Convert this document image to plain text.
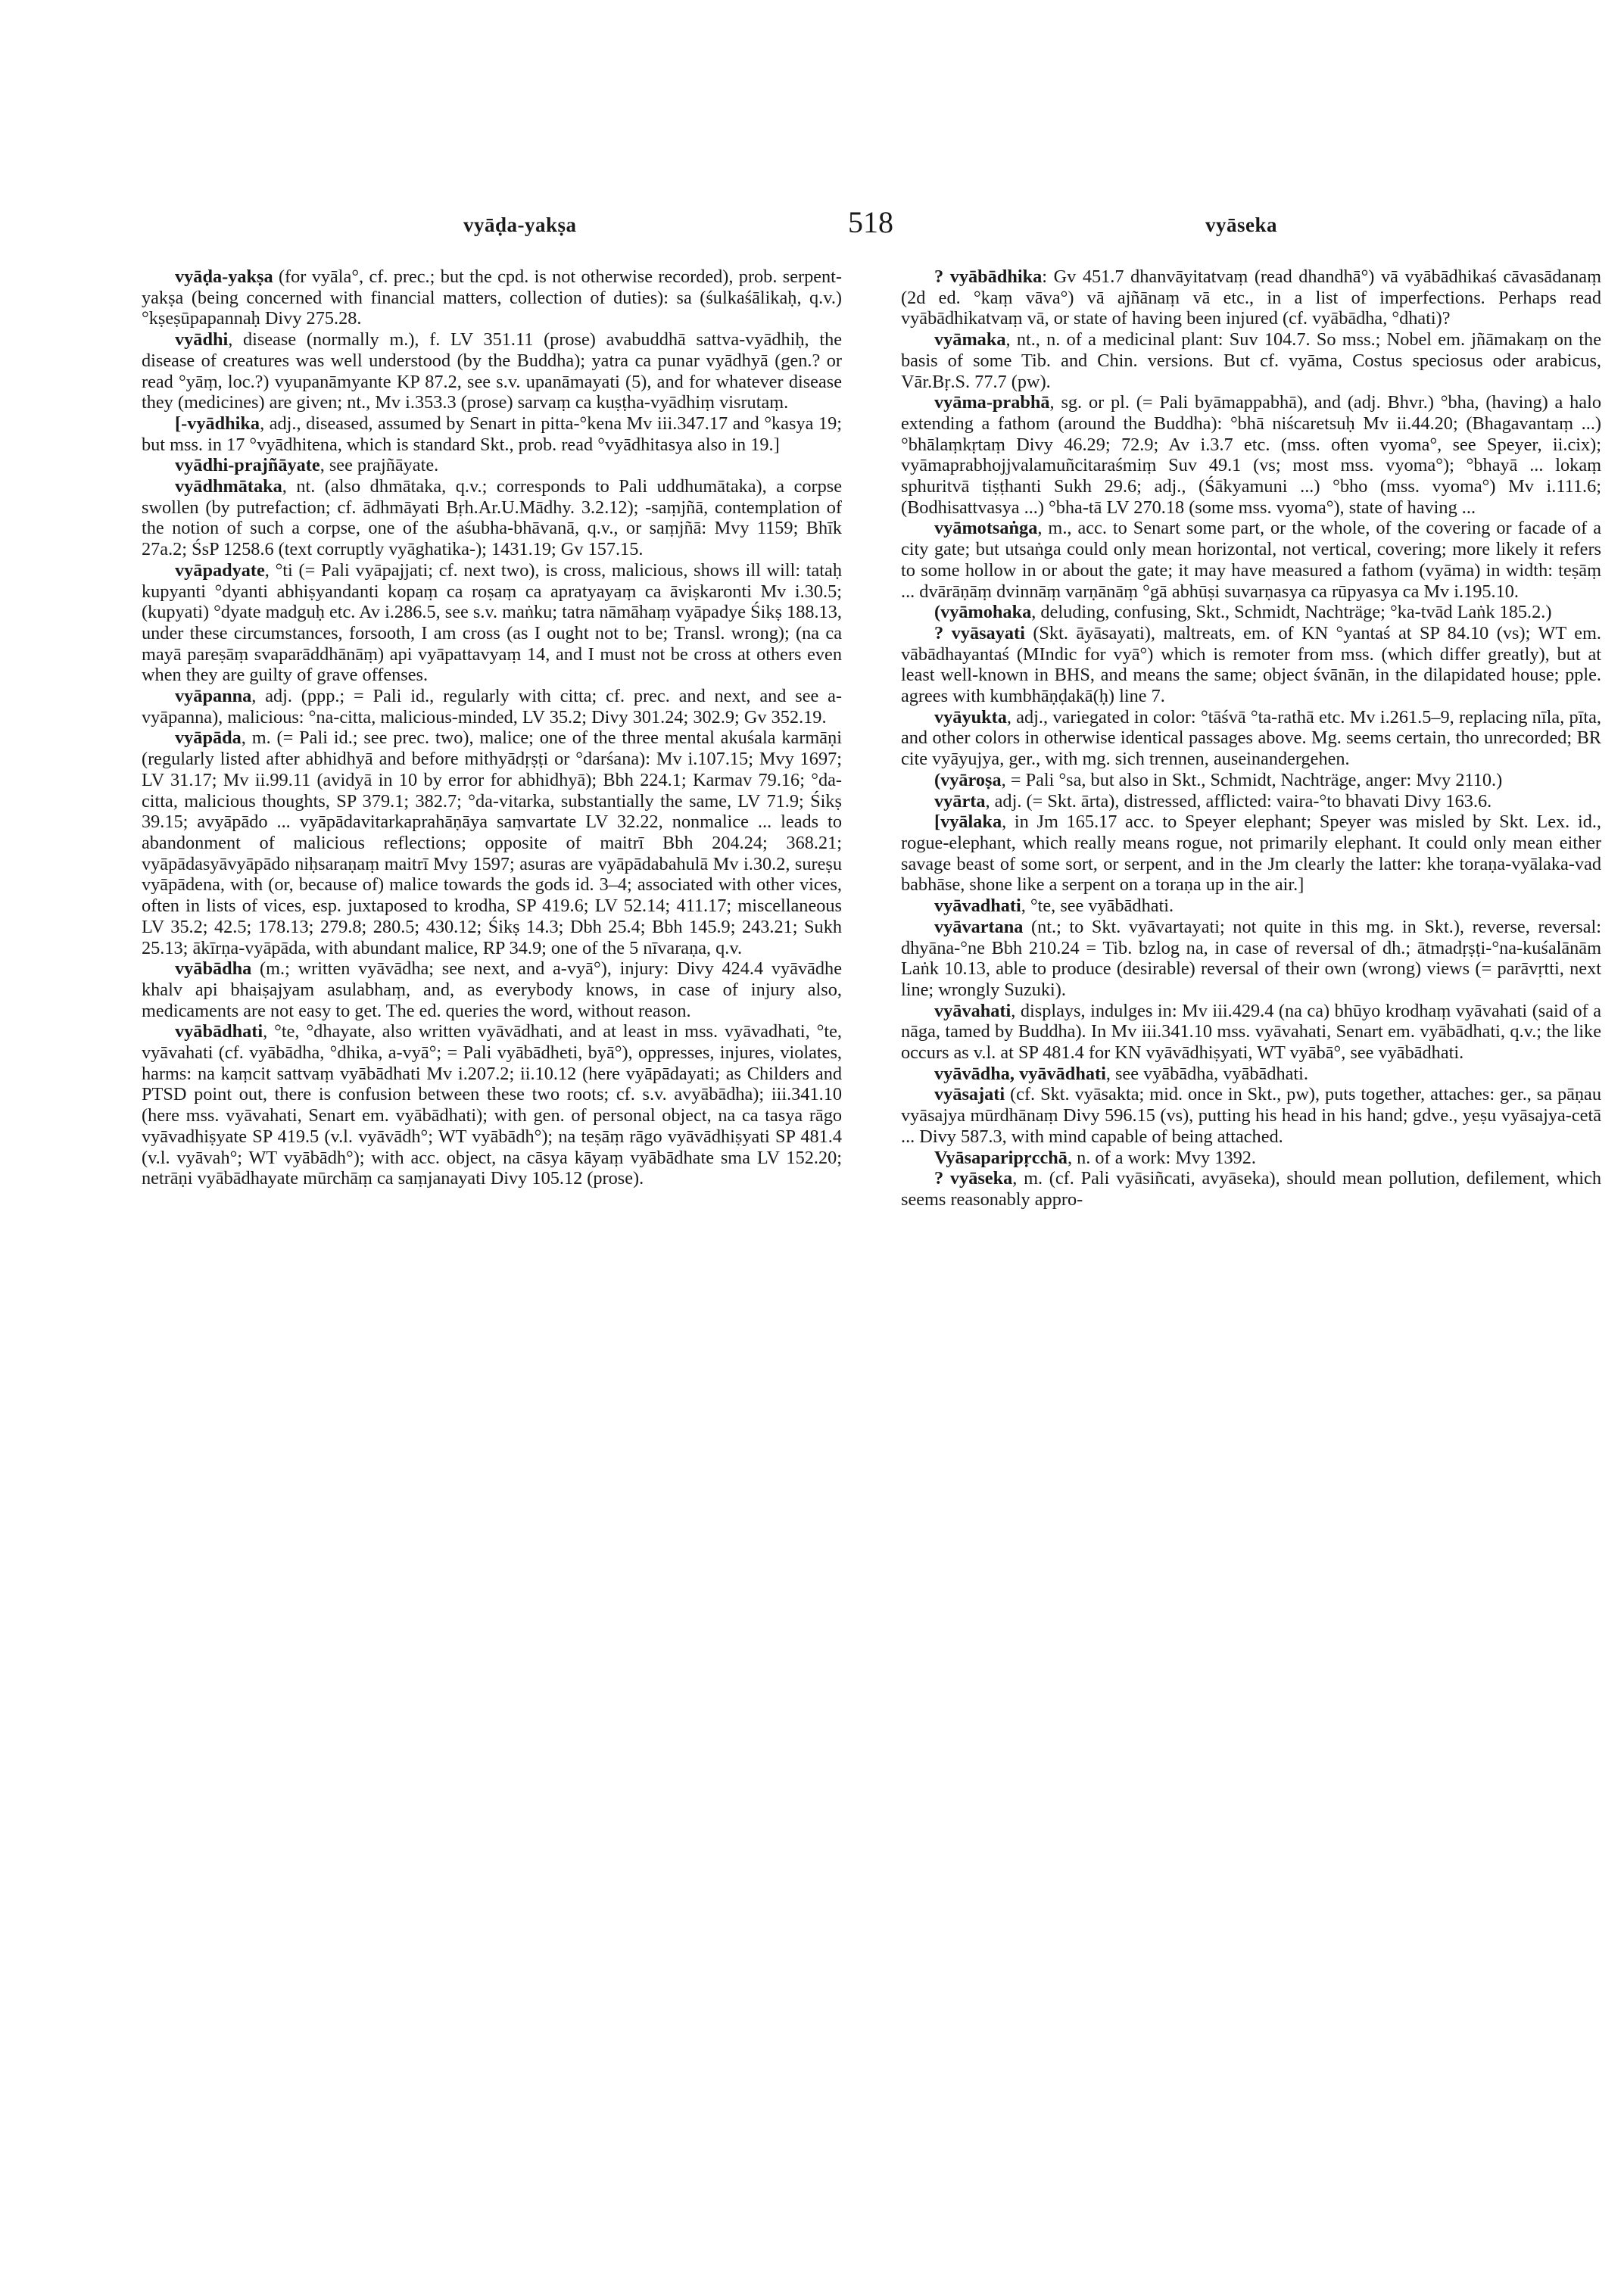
vyāḍa-yakṣa	518	vyāseka

vyāḍa-yakṣa (for vyāla°, cf. prec.; but the cpd. is not otherwise recorded), prob. serpent-yakṣa (being concerned with financial matters, collection of duties): sa (śulkaśālikaḥ, q.v.) °kṣeṣūpapannaḥ Divy 275.28.

vyādhi, disease (normally m.), f. LV 351.11 (prose) avabuddhā sattva-vyādhiḥ, the disease of creatures was well understood (by the Buddha); yatra ca punar vyādhyā (gen.? or read °yāṃ, loc.?) vyupanāmyante KP 87.2, see s.v. upanāmayati (5), and for whatever disease they (medicines) are given; nt., Mv i.353.3 (prose) sarvaṃ ca kuṣṭha-vyādhiṃ visrutaṃ.

[-vyādhika, adj., diseased, assumed by Senart in pitta-°kena Mv iii.347.17 and °kasya 19; but mss. in 17 °vyādhitena, which is standard Skt., prob. read °vyādhitasya also in 19.]

vyādhi-prajñāyate, see prajñāyate.

vyādhmātaka, nt. (also dhmātaka, q.v.; corresponds to Pali uddhumātaka), a corpse swollen (by putrefaction; cf. ādhmāyati Bṛh.Ar.U.Mādhy. 3.2.12); -saṃjñā, contemplation of the notion of such a corpse, one of the aśubha-bhāvanā, q.v., or saṃjñā: Mvy 1159; Bhīk 27a.2; ŚsP 1258.6 (text corruptly vyāghatika-); 1431.19; Gv 157.15.

vyāpadyate, °ti (= Pali vyāpajjati; cf. next two), is cross, malicious, shows ill will: tataḥ kupyanti °dyanti abhiṣyandanti kopaṃ ca roṣaṃ ca apratyayaṃ ca āviṣkaronti Mv i.30.5; (kupyati) °dyate madguḥ etc. Av i.286.5, see s.v. maṅku; tatra nāmāhaṃ vyāpadye Śikṣ 188.13, under these circumstances, forsooth, I am cross (as I ought not to be; Transl. wrong); (na ca mayā pareṣāṃ svaparāddhānāṃ) api vyāpattavyaṃ 14, and I must not be cross at others even when they are guilty of grave offenses.

vyāpanna, adj. (ppp.; = Pali id., regularly with citta; cf. prec. and next, and see a-vyāpanna), malicious: °na-citta, malicious-minded, LV 35.2; Divy 301.24; 302.9; Gv 352.19.

vyāpāda, m. (= Pali id.; see prec. two), malice; one of the three mental akuśala karmāṇi (regularly listed after abhidhyā and before mithyādṛṣṭi or °darśana): Mv i.107.15; Mvy 1697; LV 31.17; Mv ii.99.11 (avidyā in 10 by error for abhidhyā); Bbh 224.1; Karmav 79.16; °da-citta, malicious thoughts, SP 379.1; 382.7; °da-vitarka, substantially the same, LV 71.9; Śikṣ 39.15; avyāpādo ... vyāpādavitarkaprahāṇāya saṃvartate LV 32.22, nonmalice ... leads to abandonment of malicious reflections; opposite of maitrī Bbh 204.24; 368.21; vyāpādasyāvyāpādo niḥsaraṇaṃ maitrī Mvy 1597; asuras are vyāpādabahulā Mv i.30.2, sureṣu vyāpādena, with (or, because of) malice towards the gods id. 3–4; associated with other vices, often in lists of vices, esp. juxtaposed to krodha, SP 419.6; LV 52.14; 411.17; miscellaneous LV 35.2; 42.5; 178.13; 279.8; 280.5; 430.12; Śikṣ 14.3; Dbh 25.4; Bbh 145.9; 243.21; Sukh 25.13; ākīrṇa-vyāpāda, with abundant malice, RP 34.9; one of the 5 nīvaraṇa, q.v.

vyābādha (m.; written vyāvādha; see next, and a-vyā°), injury: Divy 424.4 vyāvādhe khalv api bhaiṣajyam asulabhaṃ, and, as everybody knows, in case of injury also, medicaments are not easy to get. The ed. queries the word, without reason.

vyābādhati, °te, °dhayate, also written vyāvādhati, and at least in mss. vyāvadhati, °te, vyāvahati (cf. vyābādha, °dhika, a-vyā°; = Pali vyābādheti, byā°), oppresses, injures, violates, harms: na kaṃcit sattvaṃ vyābādhati Mv i.207.2; ii.10.12 (here vyāpādayati; as Childers and PTSD point out, there is confusion between these two roots; cf. s.v. avyābādha); iii.341.10 (here mss. vyāvahati, Senart em. vyābādhati); with gen. of personal object, na ca tasya rāgo vyāvadhiṣyate SP 419.5 (v.l. vyāvādh°; WT vyābādh°); na teṣāṃ rāgo vyāvādhiṣyati SP 481.4 (v.l. vyāvah°; WT vyābādh°); with acc. object, na cāsya kāyaṃ vyābādhate sma LV 152.20; netrāṇi vyābādhayate mūrchāṃ ca saṃjanayati Divy 105.12 (prose).

? vyābādhika: Gv 451.7 dhanvāyitatvaṃ (read dhandhā°) vā vyābādhikaś cāvasādanaṃ (2d ed. °kaṃ vāva°) vā ajñānaṃ vā etc., in a list of imperfections. Perhaps read vyābādhikatvaṃ vā, or state of having been injured (cf. vyābādha, °dhati)?

vyāmaka, nt., n. of a medicinal plant: Suv 104.7. So mss.; Nobel em. jñāmakaṃ on the basis of some Tib. and Chin. versions. But cf. vyāma, Costus speciosus oder arabicus, Vār.Bṛ.S. 77.7 (pw).

vyāma-prabhā, sg. or pl. (= Pali byāmappabhā), and (adj. Bhvr.) °bha, (having) a halo extending a fathom (around the Buddha): °bhā niścaretsuḥ Mv ii.44.20; (Bhagavantaṃ ...) °bhālaṃkṛtaṃ Divy 46.29; 72.9; Av i.3.7 etc. (mss. often vyoma°, see Speyer, ii.cix); vyāmaprabhojjvalamuñcitaraśmiṃ Suv 49.1 (vs; most mss. vyoma°); °bhayā ... lokaṃ sphuritvā tiṣṭhanti Sukh 29.6; adj., (Śākyamuni ...) °bho (mss. vyoma°) Mv i.111.6; (Bodhisattvasya ...) °bha-tā LV 270.18 (some mss. vyoma°), state of having ...

vyāmotsaṅga, m., acc. to Senart some part, or the whole, of the covering or facade of a city gate; but utsaṅga could only mean horizontal, not vertical, covering; more likely it refers to some hollow in or about the gate; it may have measured a fathom (vyāma) in width: teṣāṃ ... dvārāṇāṃ dvinnāṃ varṇānāṃ °gā abhūṣi suvarṇasya ca rūpyasya ca Mv i.195.10.

(vyāmohaka, deluding, confusing, Skt., Schmidt, Nachträge; °ka-tvād Laṅk 185.2.)

? vyāsayati (Skt. āyāsayati), maltreats, em. of KN °yantaś at SP 84.10 (vs); WT em. vābādhayantaś (MIndic for vyā°) which is remoter from mss. (which differ greatly), but at least well-known in BHS, and means the same; object śvānān, in the dilapidated house; pple. agrees with kumbhāṇḍakā(ḥ) line 7.

vyāyukta, adj., variegated in color: °tāśvā °ta-rathā etc. Mv i.261.5–9, replacing nīla, pīta, and other colors in otherwise identical passages above. Mg. seems certain, tho unrecorded; BR cite vyāyujya, ger., with mg. sich trennen, auseinandergehen.

(vyāroṣa, = Pali °sa, but also in Skt., Schmidt, Nachträge, anger: Mvy 2110.)

vyārta, adj. (= Skt. ārta), distressed, afflicted: vaira-°to bhavati Divy 163.6.

[vyālaka, in Jm 165.17 acc. to Speyer elephant; Speyer was misled by Skt. Lex. id., rogue-elephant, which really means rogue, not primarily elephant. It could only mean either savage beast of some sort, or serpent, and in the Jm clearly the latter: khe toraṇa-vyālaka-vad babhāse, shone like a serpent on a toraṇa up in the air.]

vyāvadhati, °te, see vyābādhati.

vyāvartana (nt.; to Skt. vyāvartayati; not quite in this mg. in Skt.), reverse, reversal: dhyāna-°ne Bbh 210.24 = Tib. bzlog na, in case of reversal of dh.; ātmadṛṣṭi-°na-kuśalānām Laṅk 10.13, able to produce (desirable) reversal of their own (wrong) views (= parāvṛtti, next line; wrongly Suzuki).

vyāvahati, displays, indulges in: Mv iii.429.4 (na ca) bhūyo krodhaṃ vyāvahati (said of a nāga, tamed by Buddha). In Mv iii.341.10 mss. vyāvahati, Senart em. vyābādhati, q.v.; the like occurs as v.l. at SP 481.4 for KN vyāvādhiṣyati, WT vyābā°, see vyābādhati.

vyāvādha, vyāvādhati, see vyābādha, vyābādhati.

vyāsajati (cf. Skt. vyāsakta; mid. once in Skt., pw), puts together, attaches: ger., sa pāṇau vyāsajya mūrdhānaṃ Divy 596.15 (vs), putting his head in his hand; gdve., yeṣu vyāsajya-cetā ... Divy 587.3, with mind capable of being attached.

Vyāsaparipṛcchā, n. of a work: Mvy 1392.

? vyāseka, m. (cf. Pali vyāsiñcati, avyāseka), should mean pollution, defilement, which seems reasonably appro-
